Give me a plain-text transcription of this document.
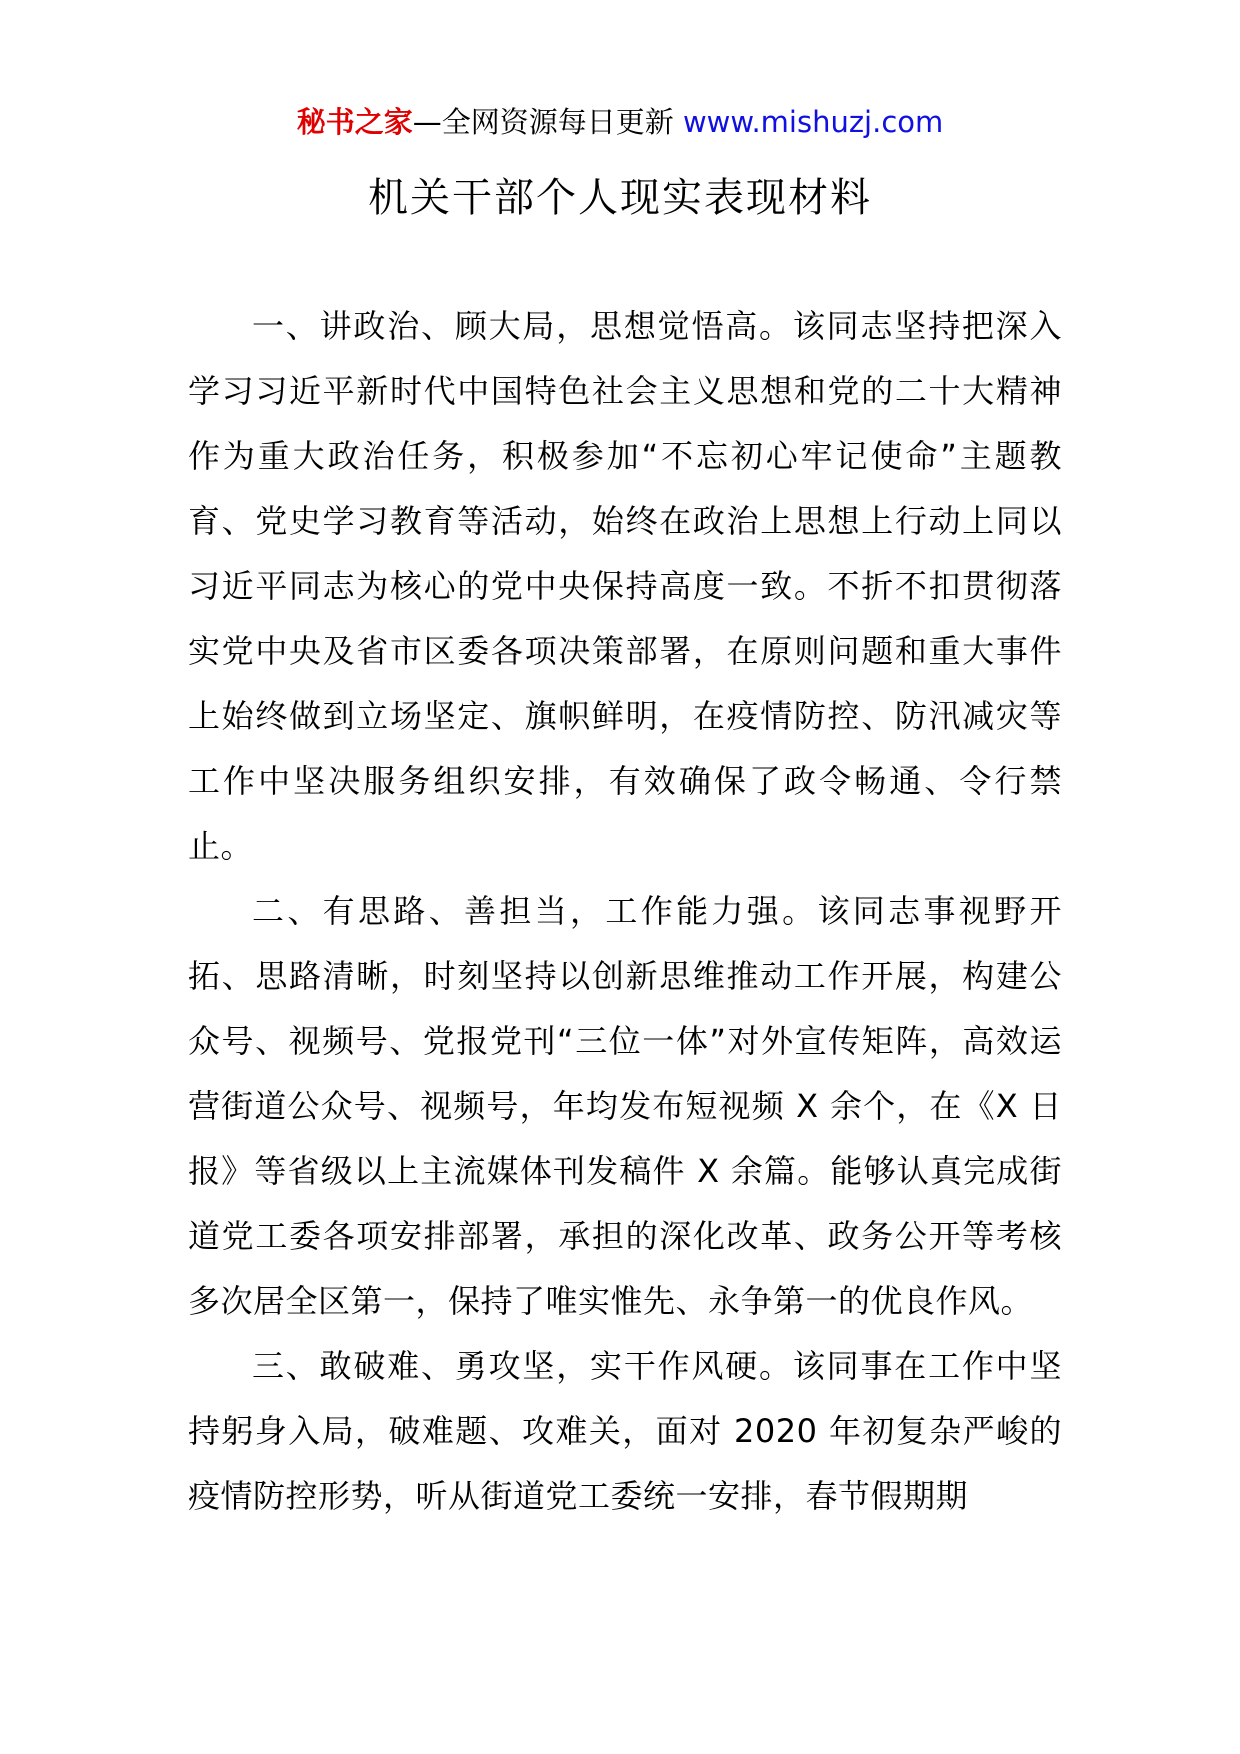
秘书之家—全网资源每日更新 www.mishuzj.com
机关干部个人现实表现材料

一、讲政治、顾大局，思想觉悟高。该同志坚持把深入学习习近平新时代中国特色社会主义思想和党的二十大精神作为重大政治任务，积极参加“不忘初心牢记使命”主题教育、党史学习教育等活动，始终在政治上思想上行动上同以习近平同志为核心的党中央保持高度一致。不折不扣贯彻落实党中央及省市区委各项决策部署，在原则问题和重大事件上始终做到立场坚定、旗帜鲜明，在疫情防控、防汛减灾等工作中坚决服务组织安排，有效确保了政令畅通、令行禁止。

二、有思路、善担当，工作能力强。该同志事视野开拓、思路清晰，时刻坚持以创新思维推动工作开展，构建公众号、视频号、党报党刊“三位一体”对外宣传矩阵，高效运营街道公众号、视频号，年均发布短视频 X 余个，在《X 日报》等省级以上主流媒体刊发稿件 X 余篇。能够认真完成街道党工委各项安排部署，承担的深化改革、政务公开等考核多次居全区第一，保持了唯实惟先、永争第一的优良作风。

三、敢破难、勇攻坚，实干作风硬。该同事在工作中坚持躬身入局，破难题、攻难关，面对 2020 年初复杂严峻的疫情防控形势，听从街道党工委统一安排，春节假期期
